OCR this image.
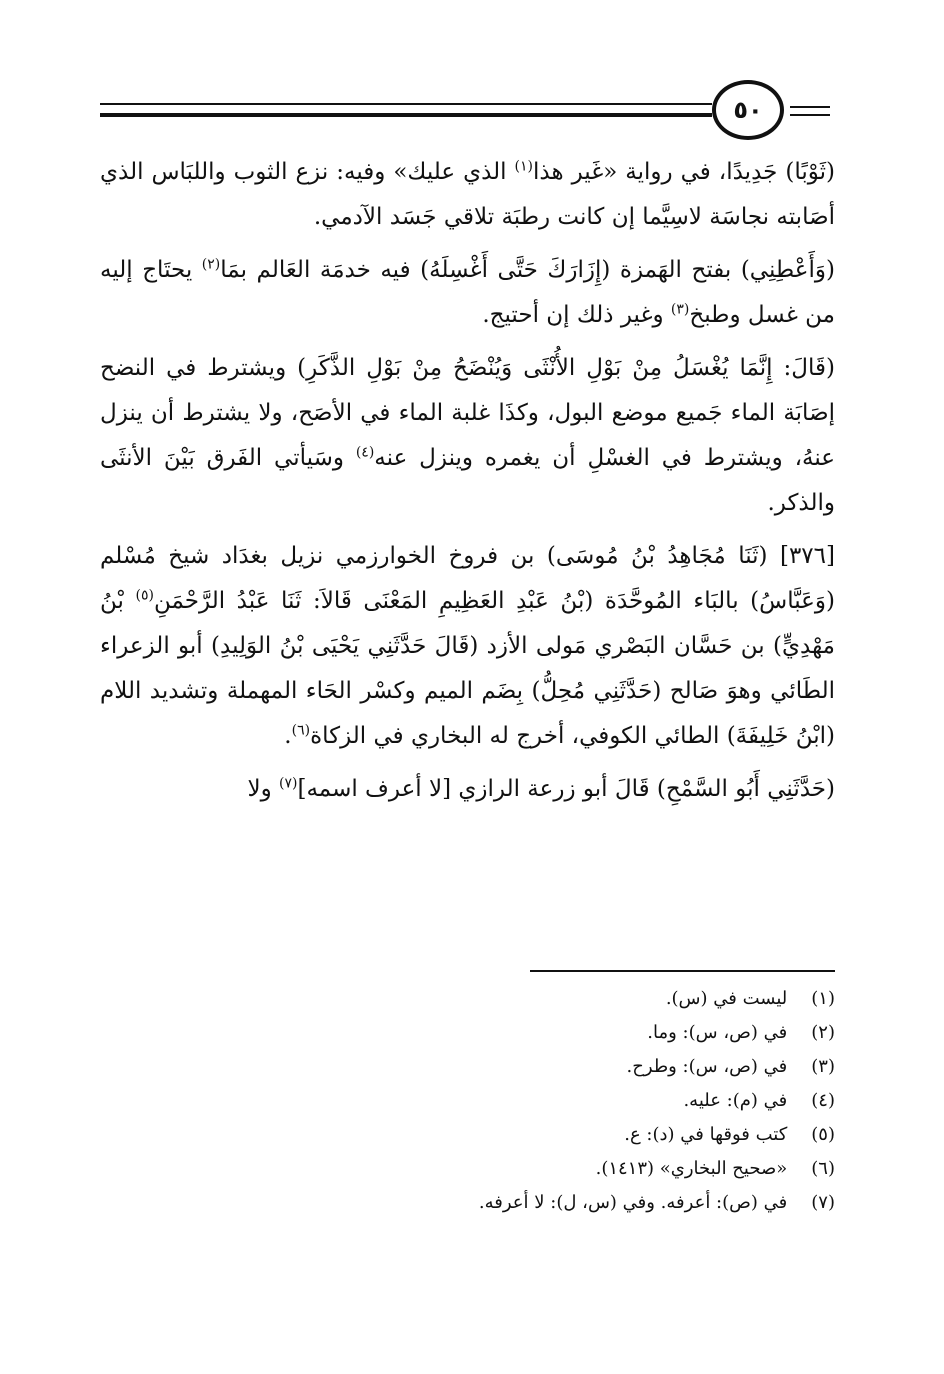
٥٠

(ثَوْبًا) جَدِيدًا، في رواية «غَير هذا$^{(١)}$ الذي عليك» وفيه: نزع الثوب واللبَاس الذي أصَابته نجاسَة لاسِيَّما إن كانت رطبَة تلاقي جَسَد الآدمي.

(وَأَعْطِنِي) بفتح الهَمزة (إِزَارَكَ حَتَّى أَغْسِلَهُ) فيه خدمَة العَالم بمَا$^{(٢)}$ يحتَاج إليه من غسل وطبخ$^{(٣)}$ وغير ذلك إن أحتيج.

(قَالَ: إِنَّمَا يُغْسَلُ مِنْ بَوْلِ الأُنْثَى وَيُنْضَحُ مِنْ بَوْلِ الذَّكَرِ) ويشترط في النضح إصَابَة الماء جَميع موضع البول، وكذَا غلبة الماء في الأصَح، ولا يشترط أن ينزل عنهُ، ويشترط في الغسْلِ أن يغمره وينزل عنه$^{(٤)}$ وسَيأتي الفَرق بَيْنَ الأنثَى والذكر.

[٣٧٦] (ثَنَا مُجَاهِدُ بْنُ مُوسَى) بن فروخ الخوارزمي نزيل بغدَاد شيخ مُسْلم (وَعَبَّاسُ) بالبَاء المُوحَّدَة (بْنُ عَبْدِ العَظِيمِ المَعْنَى قَالاَ: ثَنَا عَبْدُ الرَّحْمَنِ$^{(٥)}$ بْنُ مَهْدِيٍّ) بن حَسَّان البَصْري مَولى الأزد (قَالَ حَدَّثَنِي يَحْيَى بْنُ الوَلِيدِ) أبو الزعراء الطَائي وهوَ صَالح (حَدَّثَنِي مُحِلُّ) بِضَم الميم وكسْر الحَاء المهملة وتشديد اللام (ابْنُ خَلِيفَةَ) الطائي الكوفي، أخرج له البخاري في الزكاة$^{(٦)}$.

(حَدَّثَنِي أَبُو السَّمْحِ) قَالَ أبو زرعة الرازي [لا أعرف اسمه]$^{(٧)}$ ولا

(١) ليست في (س).
(٢) في (ص، س): وما.
(٣) في (ص، س): وطرح.
(٤) في (م): عليه.
(٥) كتب فوقها في (د): ع.
(٦) «صحيح البخاري» (١٤١٣).
(٧) في (ص): أعرفه. وفي (س، ل): لا أعرفه.
